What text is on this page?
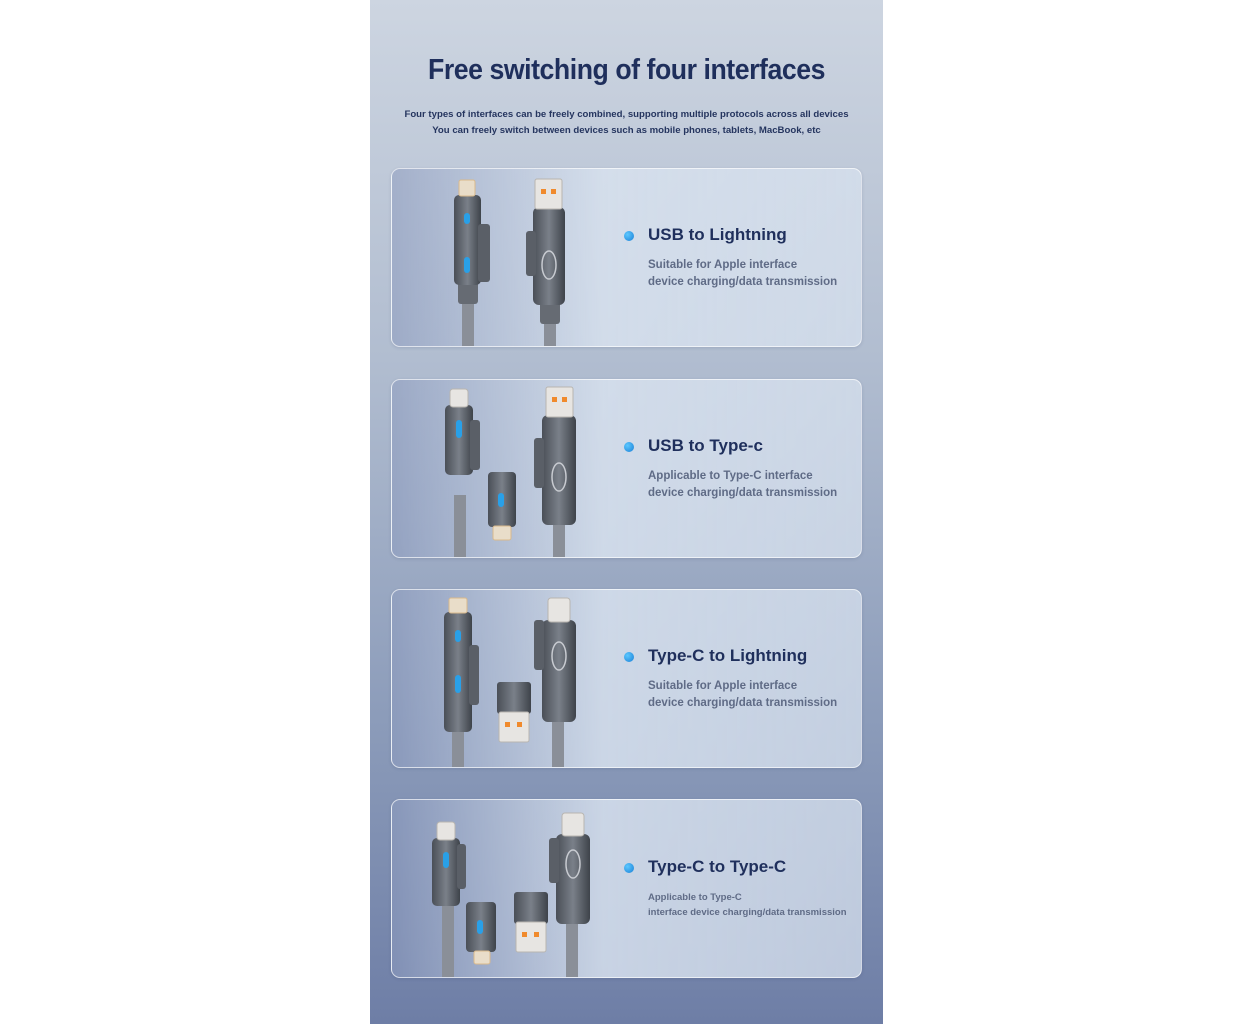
Free switching of four interfaces
Four types of interfaces can be freely combined, supporting multiple protocols across all devices
You can freely switch between devices such as mobile phones, tablets, MacBook, etc
USB to Lightning
Suitable for Apple interface
device charging/data transmission
USB to Type-c
Applicable to Type-C interface
device charging/data transmission
Type-C to Lightning
Suitable for Apple interface
device charging/data transmission
Type-C to Type-C
Applicable to Type-C
interface device charging/data transmission
